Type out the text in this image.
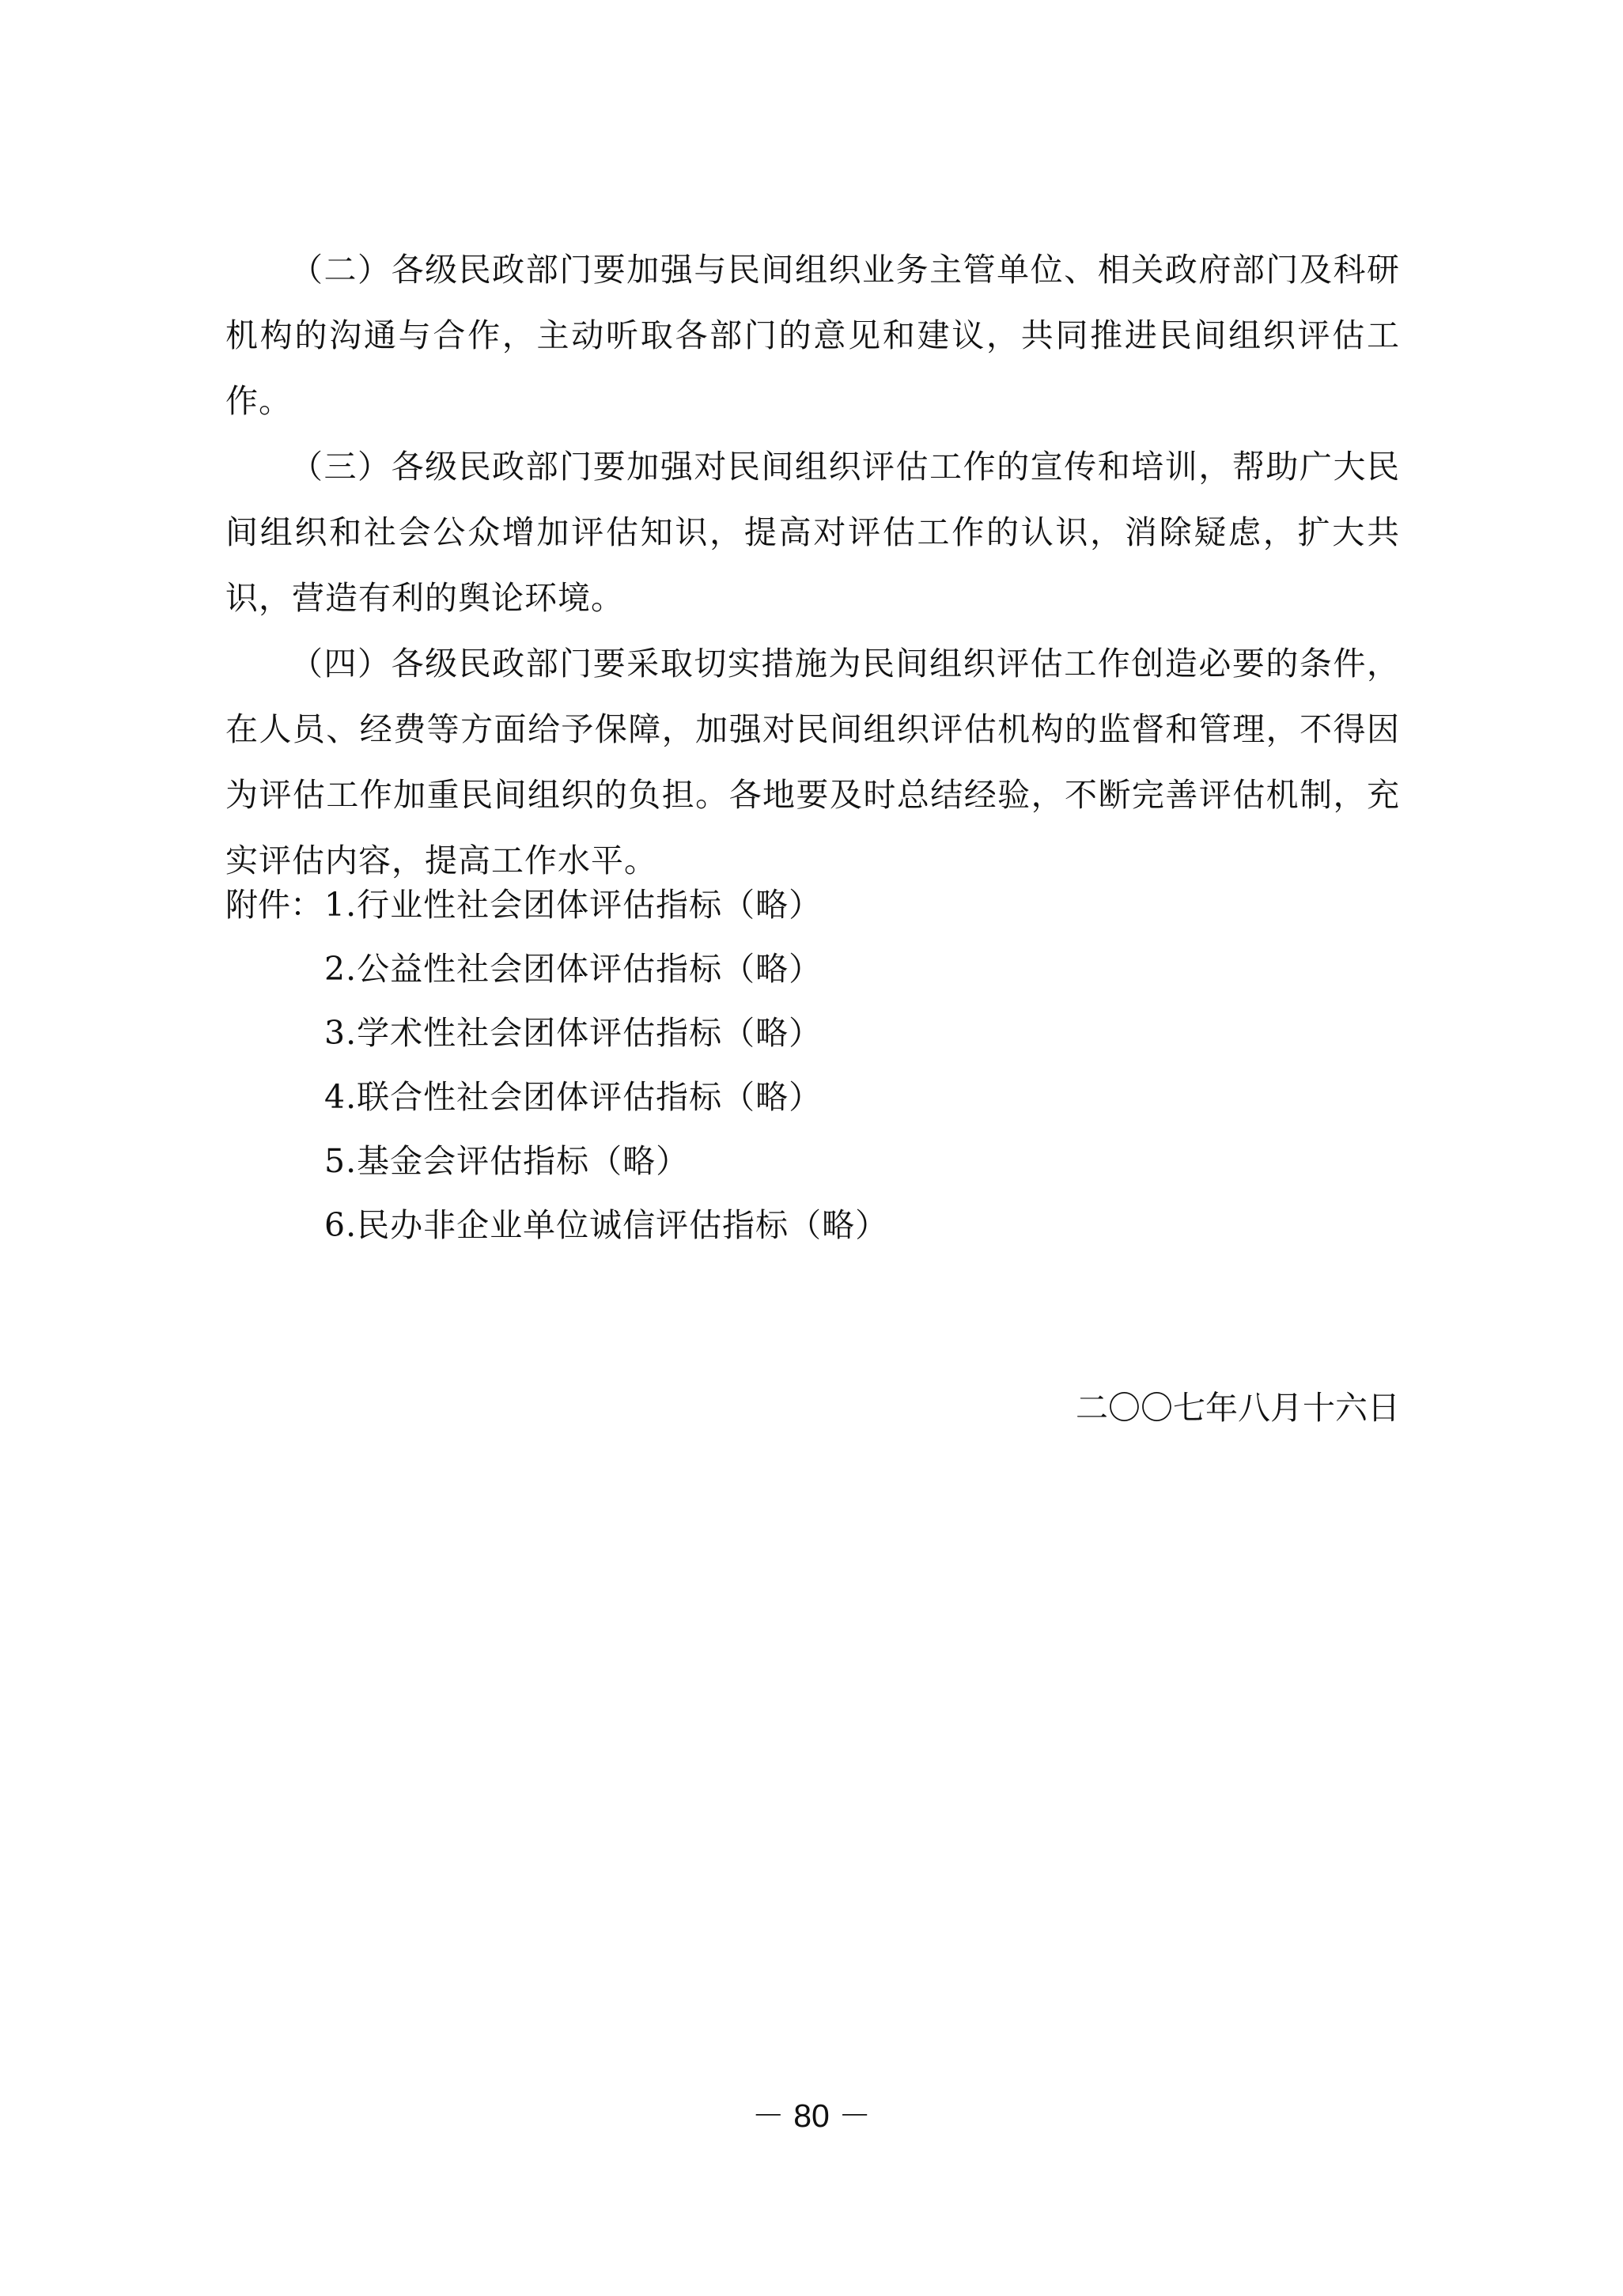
（二）各级民政部门要加强与民间组织业务主管单位、相关政府部门及科研机构的沟通与合作，主动听取各部门的意见和建议，共同推进民间组织评估工作。

（三）各级民政部门要加强对民间组织评估工作的宣传和培训，帮助广大民间组织和社会公众增加评估知识，提高对评估工作的认识，消除疑虑，扩大共识，营造有利的舆论环境。

（四）各级民政部门要采取切实措施为民间组织评估工作创造必要的条件，在人员、经费等方面给予保障，加强对民间组织评估机构的监督和管理，不得因为评估工作加重民间组织的负担。各地要及时总结经验，不断完善评估机制，充实评估内容，提高工作水平。

附件： 1.行业性社会团体评估指标（略）
2.公益性社会团体评估指标（略）
3.学术性社会团体评估指标（略）
4.联合性社会团体评估指标（略）
5.基金会评估指标（略）
6.民办非企业单位诚信评估指标（略）
二〇〇七年八月十六日
－ 80 －
